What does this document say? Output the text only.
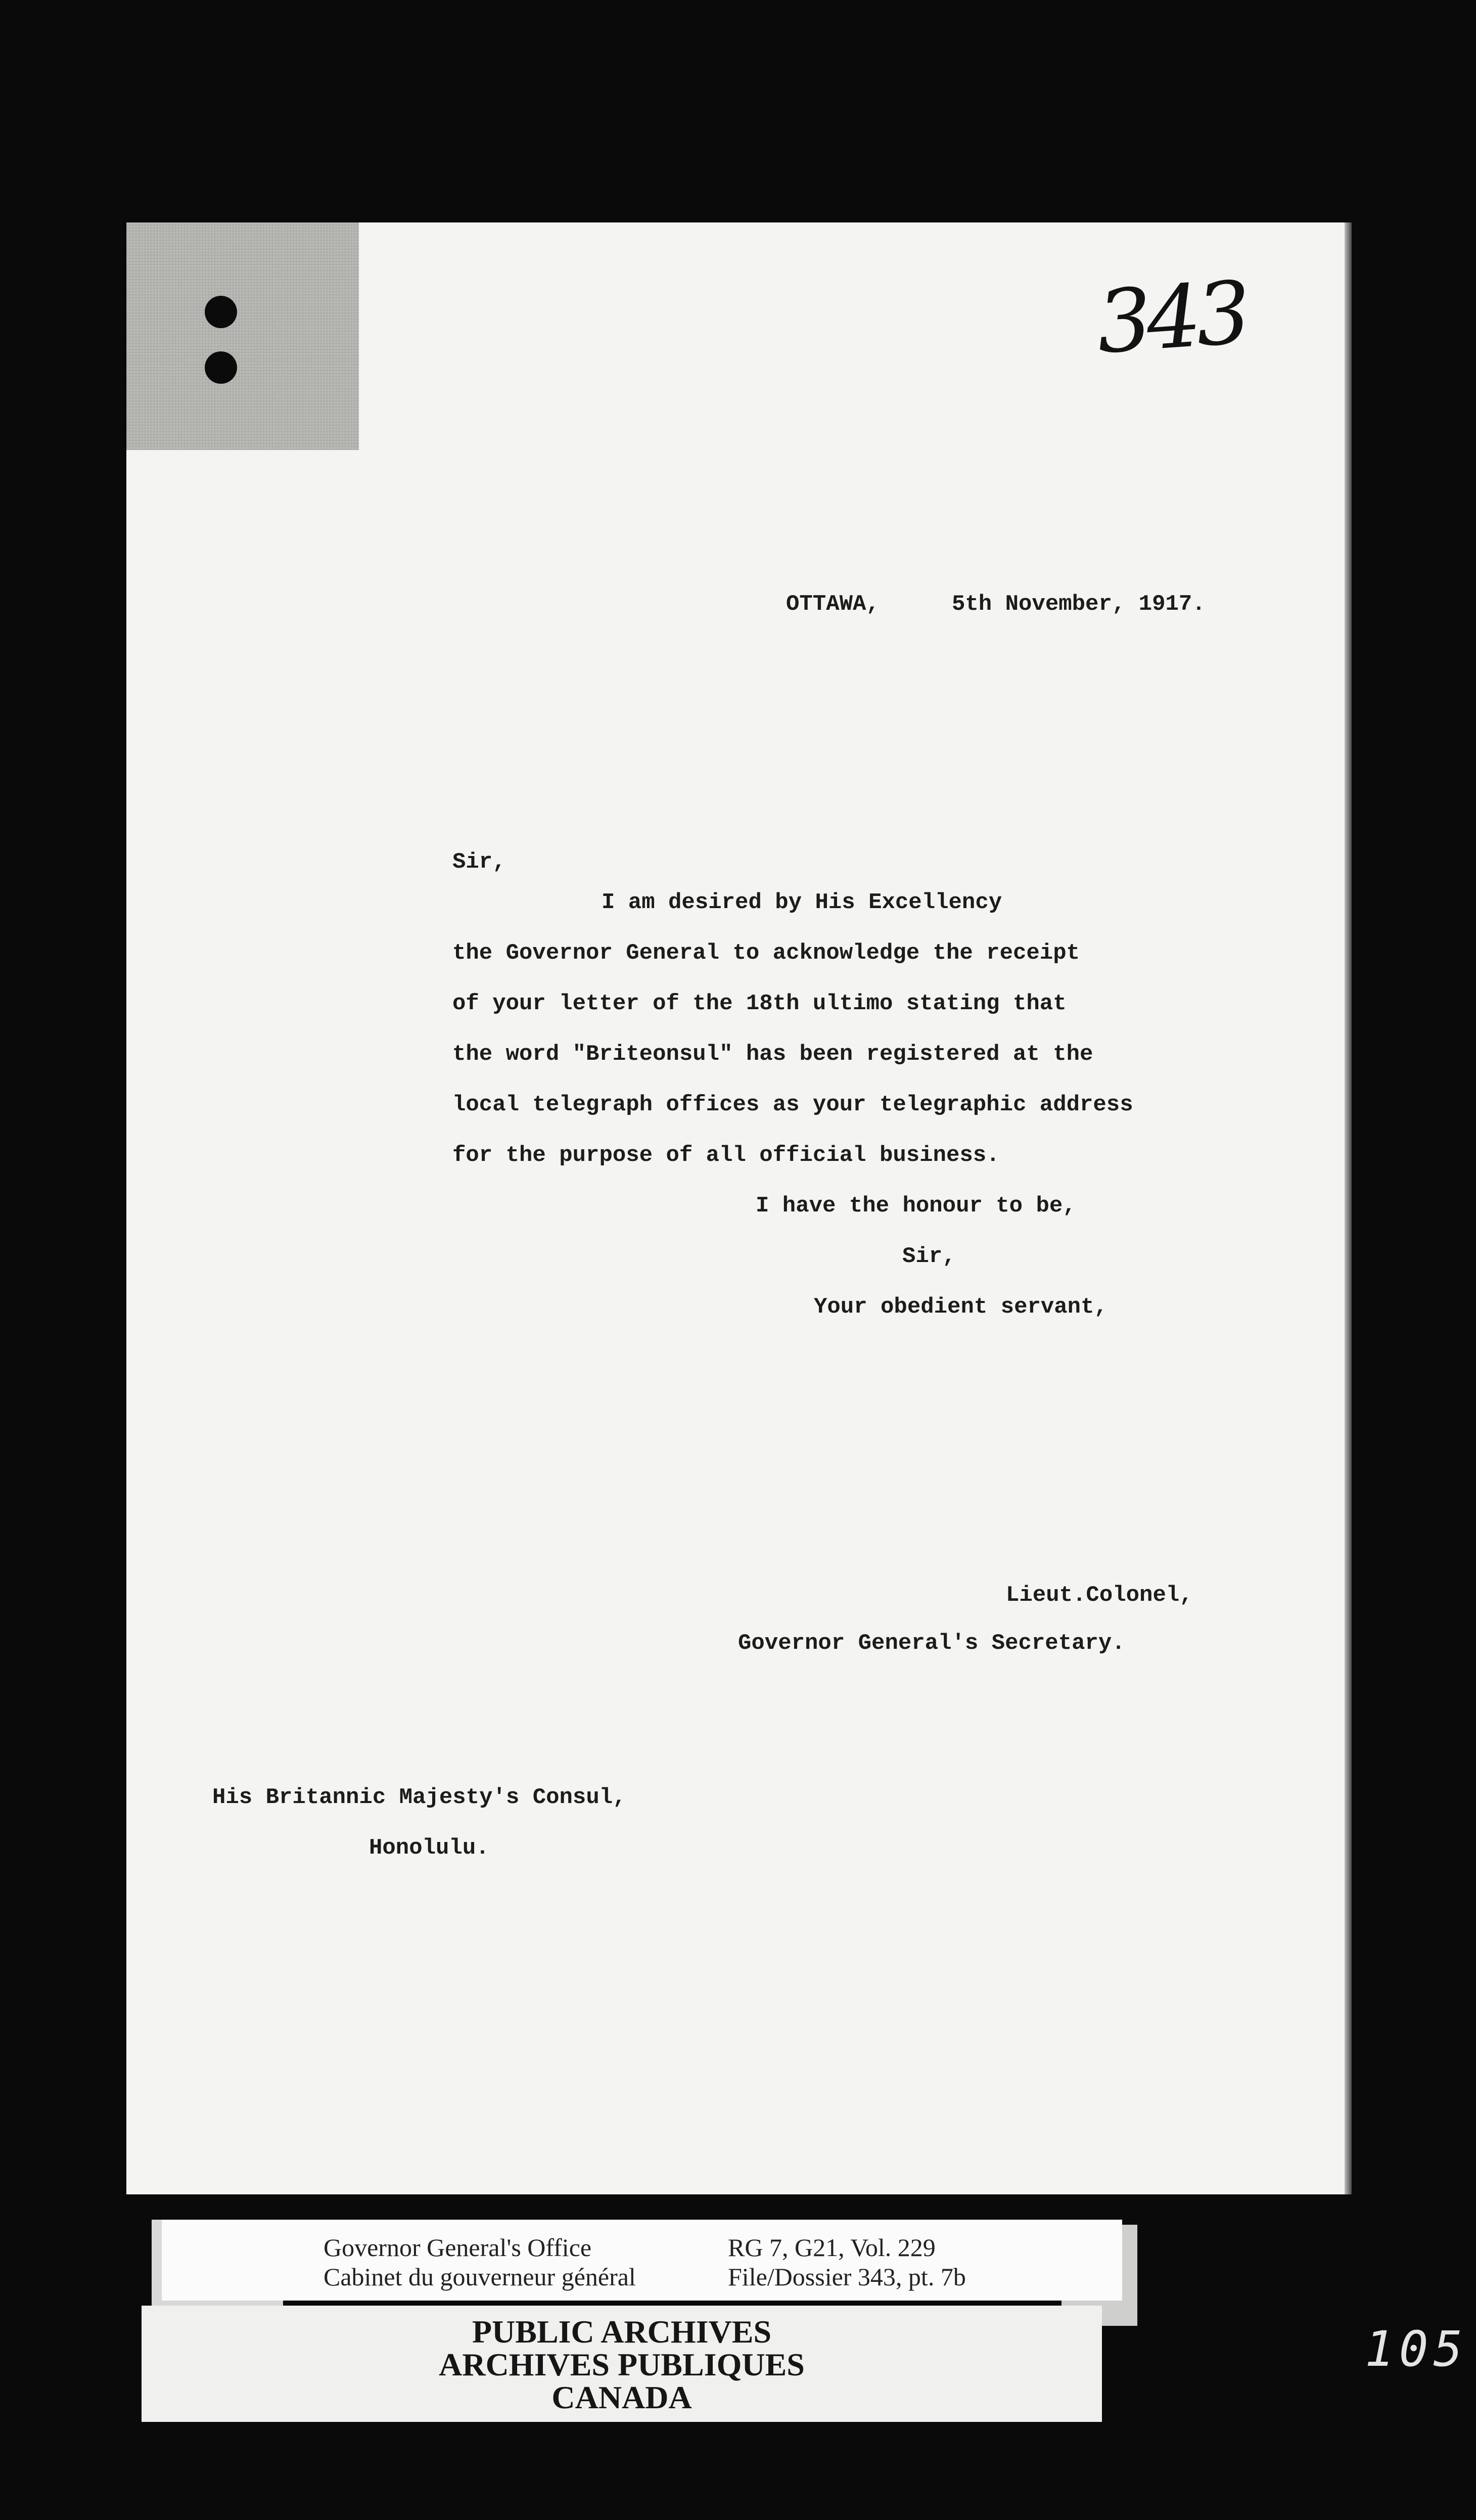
343
OTTAWA,	5th November, 1917.
Sir,
I am desired by His Excellency
the Governor General to acknowledge the receipt
of your letter of the 18th ultimo stating that
the word "Briteonsul" has been registered at the
local telegraph offices as your telegraphic address
for the purpose of all official business.
I have the honour to be,
Sir,
Your obedient servant,
Lieut.Colonel,
Governor General's Secretary.
His Britannic Majesty's Consul,
Honolulu.
Governor General's Office
Cabinet du gouverneur général
RG 7, G21, Vol. 229
File/Dossier 343, pt. 7b
PUBLIC ARCHIVES
ARCHIVES PUBLIQUES
CANADA
105
